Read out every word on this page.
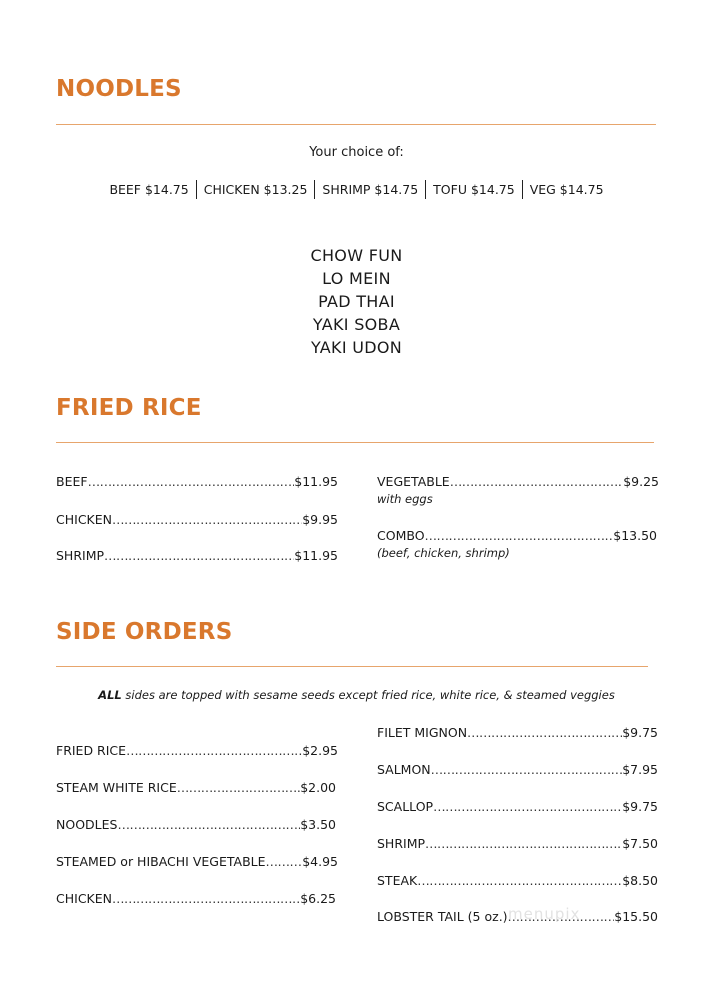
NOODLES
Your choice of:
BEEF $14.75 CHICKEN $13.25 SHRIMP $14.75 TOFU $14.75 VEG $14.75
CHOW FUN
LO MEIN
PAD THAI
YAKI SOBA
YAKI UDON
FRIED RICE
BEEF …………………………………………………………………………………………	$11.95
CHICKEN …………………………………………………………………………………………	$9.95
SHRIMP …………………………………………………………………………………………	$11.95
VEGETABLE …………………………………………………………………………………………	$9.25
with eggs
COMBO …………………………………………………………………………………………	$13.50
(beef, chicken, shrimp)
SIDE ORDERS
ALL sides are topped with sesame seeds except fried rice, white rice, & steamed veggies
FRIED RICE …………………………………………………………………………………………	$2.95
STEAM WHITE RICE …………………………………………………………………………………………	$2.00
NOODLES …………………………………………………………………………………………	$3.50
STEAMED or HIBACHI VEGETABLE …………………………………………………………………………………………	$4.95
CHICKEN …………………………………………………………………………………………	$6.25
FILET MIGNON …………………………………………………………………………………………	$9.75
SALMON …………………………………………………………………………………………	$7.95
SCALLOP …………………………………………………………………………………………	$9.75
SHRIMP …………………………………………………………………………………………	$7.50
STEAK …………………………………………………………………………………………	$8.50
LOBSTER TAIL (5 oz.) …………………………………………………………………………………………	$15.50
menupix
